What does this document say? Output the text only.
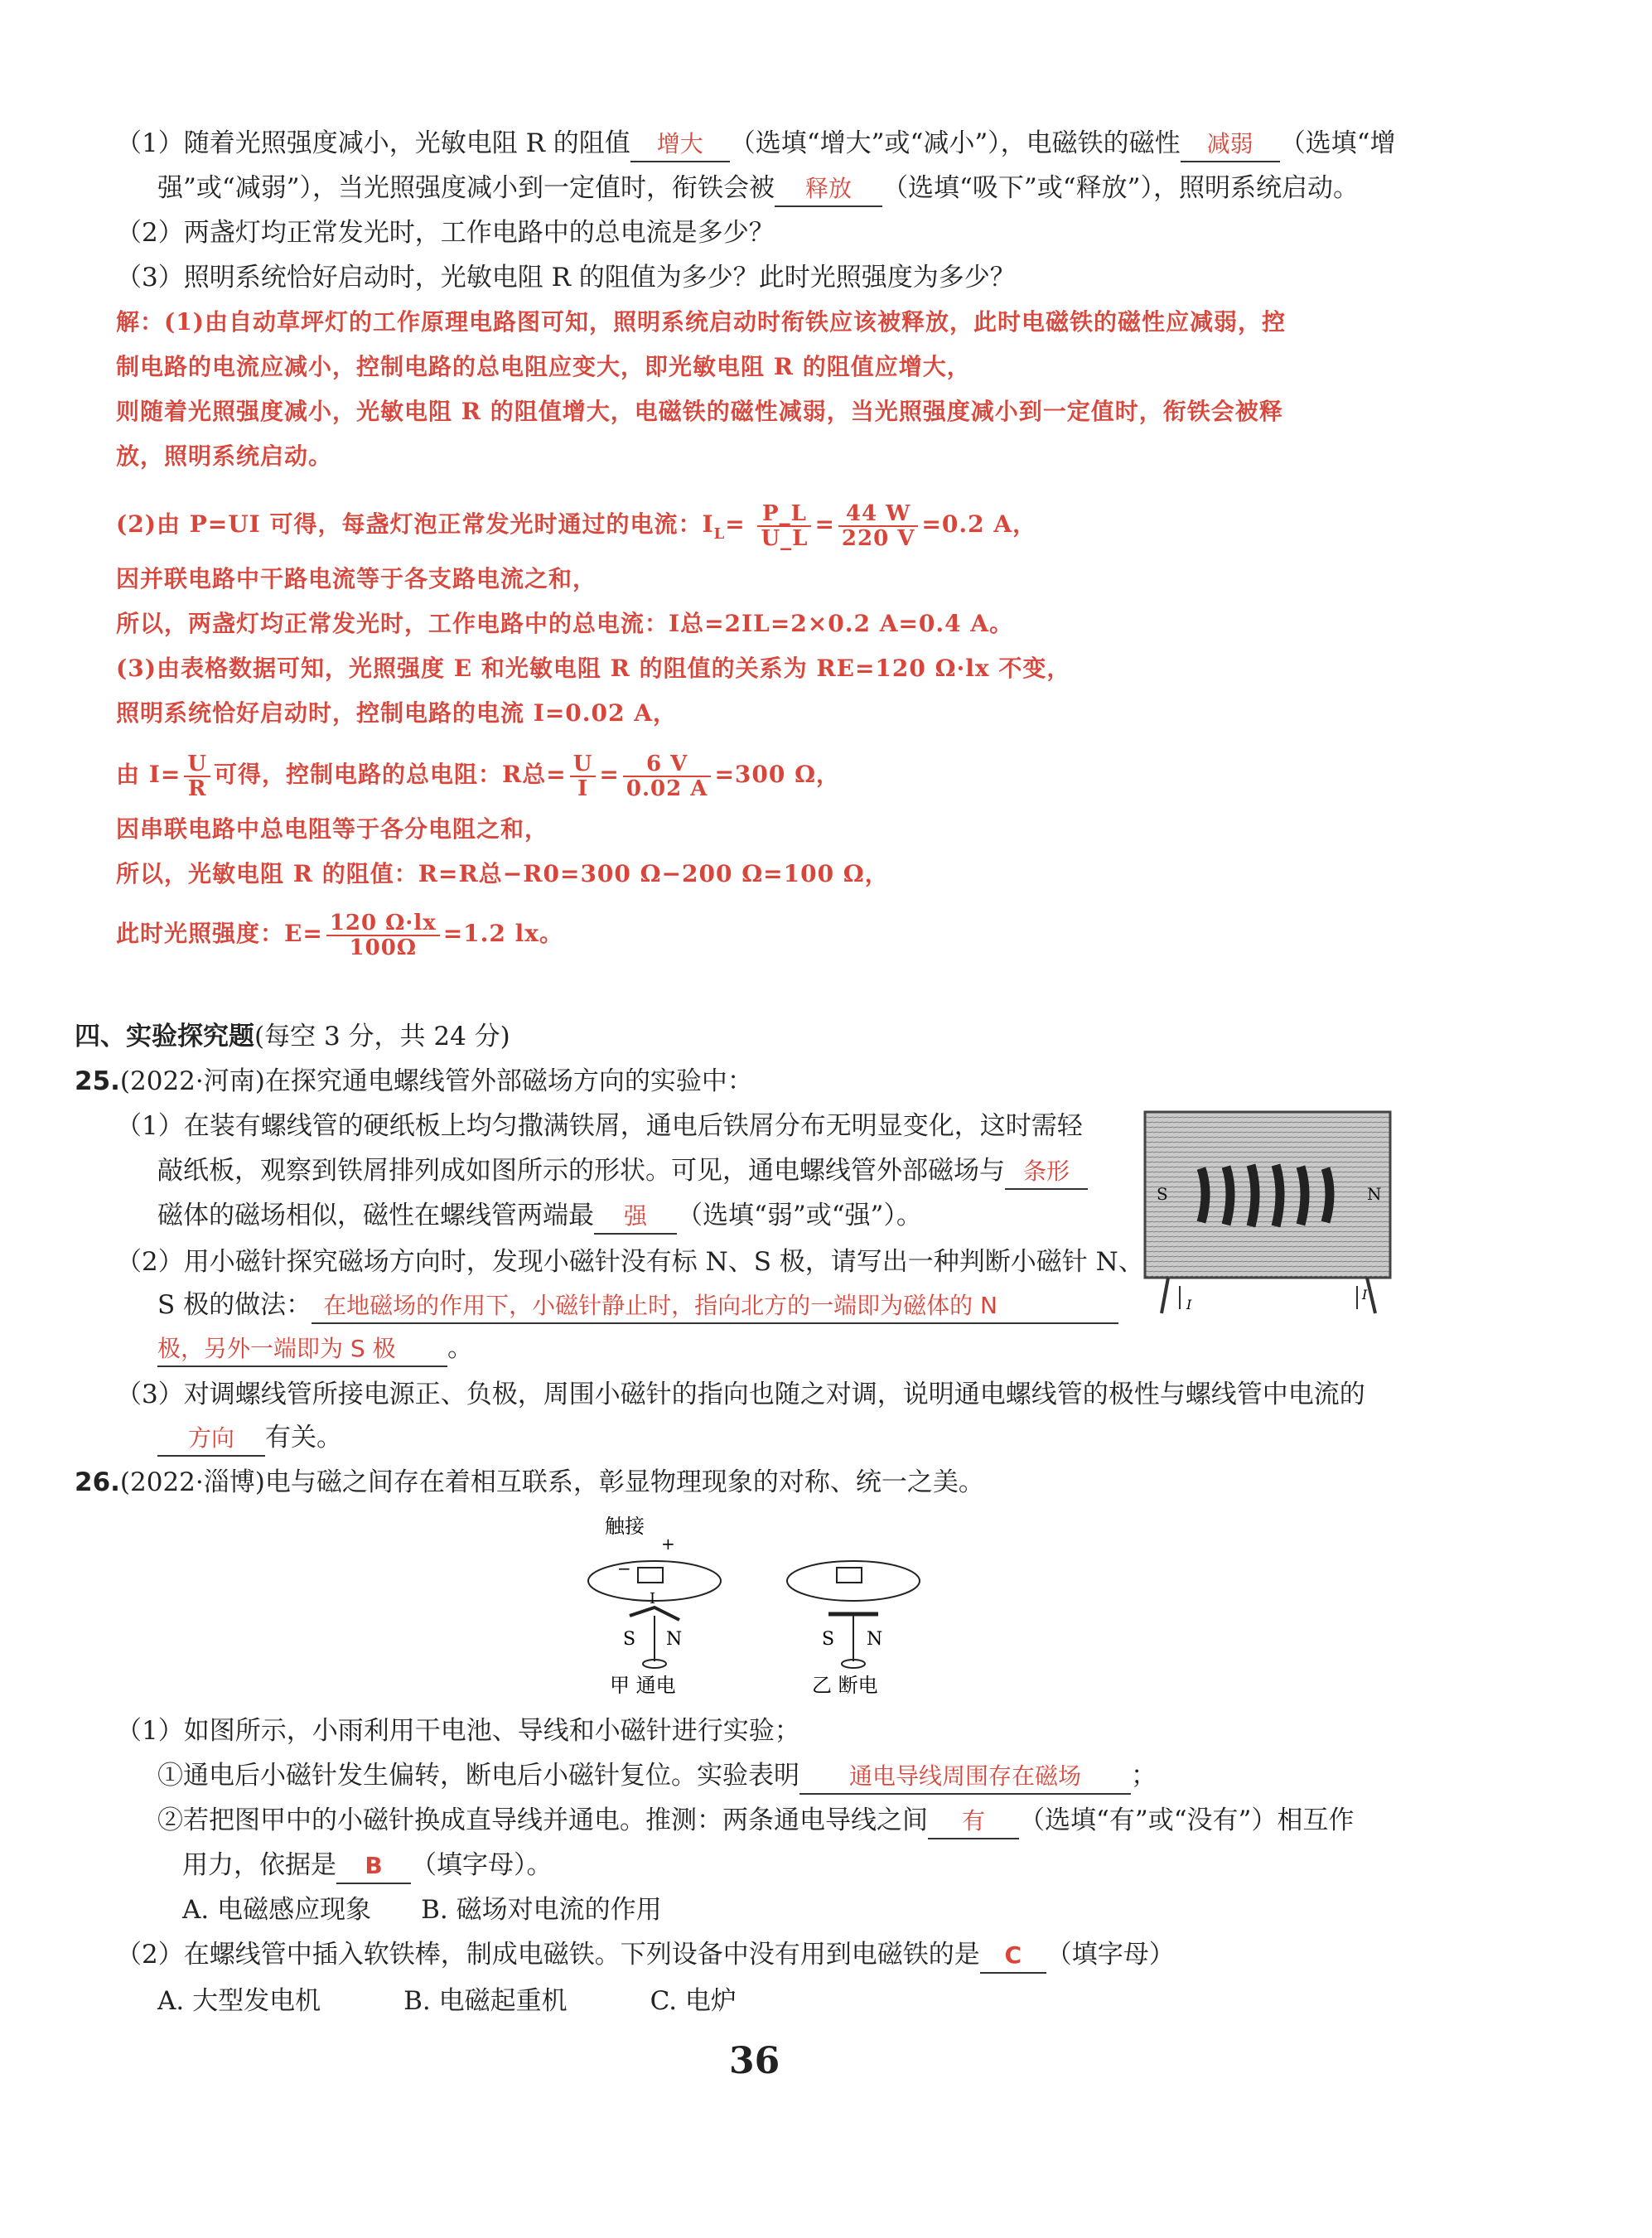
（1）随着光照强度减小，光敏电阻 R 的阻值 增大 （选填“增大”或“减小”），电磁铁的磁性 减弱 （选填“增
强”或“减弱”），当光照强度减小到一定值时，衔铁会被 释放 （选填“吸下”或“释放”），照明系统启动。
（2）两盏灯均正常发光时，工作电路中的总电流是多少？
（3）照明系统恰好启动时，光敏电阻 R 的阻值为多少？此时光照强度为多少？
解：(1)由自动草坪灯的工作原理电路图可知，照明系统启动时衔铁应该被释放，此时电磁铁的磁性应减弱，控
制电路的电流应减小，控制电路的总电阻应变大，即光敏电阻 R 的阻值应增大，
则随着光照强度减小，光敏电阻 R 的阻值增大，电磁铁的磁性减弱，当光照强度减小到一定值时，衔铁会被释
放，照明系统启动。
(2)由 P=UI 可得，每盏灯泡正常发光时通过的电流：$I_L= \frac{P\_L}{U\_L} = \frac{44 W}{220 V} =0.2$ A，
因并联电路中干路电流等于各支路电流之和，
所以，两盏灯均正常发光时，工作电路中的总电流：I总=2IL=2×0.2 A=0.4 A。
(3)由表格数据可知，光照强度 E 和光敏电阻 R 的阻值的关系为 RE=120 Ω·lx 不变，
照明系统恰好启动时，控制电路的电流 I=0.02 A，
由 $I= \frac{U}{R}$ 可得，控制电路的总电阻：R总= $\frac{U}{I} = \frac{6 V}{0.02 A} =300$ Ω，
因串联电路中总电阻等于各分电阻之和，
所以，光敏电阻 R 的阻值：R=R总−R0=300 Ω−200 Ω=100 Ω，
此时光照强度：$E= \frac{120 \Omega\cdot lx}{100\Omega} =1.2$ lx。
四、实验探究题(每空 3 分，共 24 分)
25.(2022·河南)在探究通电螺线管外部磁场方向的实验中：
（1）在装有螺线管的硬纸板上均匀撒满铁屑，通电后铁屑分布无明显变化，这时需轻
敲纸板，观察到铁屑排列成如图所示的形状。可见，通电螺线管外部磁场与 条形
磁体的磁场相似，磁性在螺线管两端最 强 （选填“弱”或“强”）。
（2）用小磁针探究磁场方向时，发现小磁针没有标 N、S 极，请写出一种判断小磁针 N、
S 极的做法： 在地磁场的作用下，小磁针静止时，指向北方的一端即为磁体的 N
极，另外一端即为 S 极 。
（3）对调螺线管所接电源正、负极，周围小磁针的指向也随之对调，说明通电螺线管的极性与螺线管中电流的
方向 有关。
S	N
I
I
26.(2022·淄博)电与磁之间存在着相互联系，彰显物理现象的对称、统一之美。
触接
+
−
I
S N
甲 通电
S N
乙 断电
（1）如图所示，小雨利用干电池、导线和小磁针进行实验；
①通电后小磁针发生偏转，断电后小磁针复位。实验表明 通电导线周围存在磁场 ；
②若把图甲中的小磁针换成直导线并通电。推测：两条通电导线之间 有 （选填“有”或“没有”）相互作
用力，依据是 B （填字母）。
A. 电磁感应现象 B. 磁场对电流的作用
（2）在螺线管中插入软铁棒，制成电磁铁。下列设备中没有用到电磁铁的是 C （填字母）
A. 大型发电机	B. 电磁起重机	C. 电炉
36
